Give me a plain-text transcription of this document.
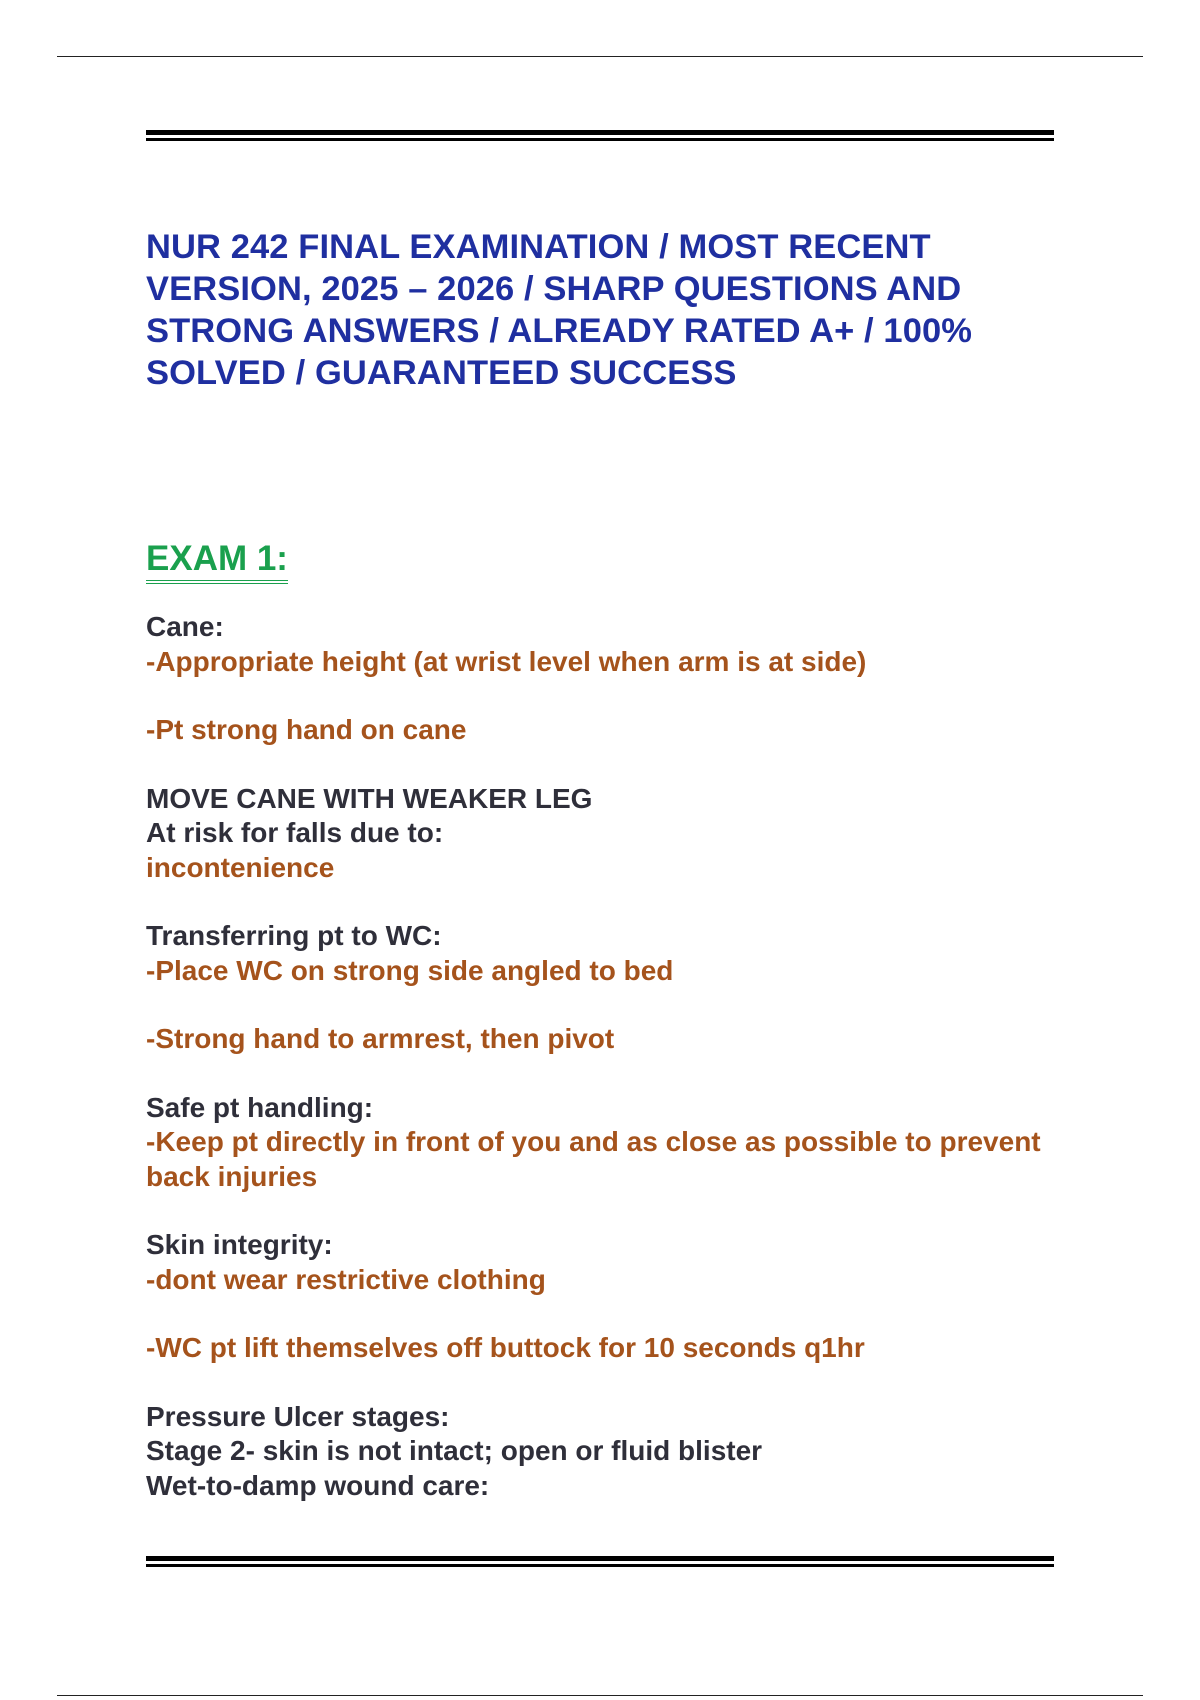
NUR 242 FINAL EXAMINATION / MOST RECENT VERSION, 2025 – 2026 / SHARP QUESTIONS AND STRONG ANSWERS / ALREADY RATED A+ / 100% SOLVED / GUARANTEED SUCCESS
EXAM 1:

Cane:

-Appropriate height (at wrist level when arm is at side)

-Pt strong hand on cane

MOVE CANE WITH WEAKER LEG

At risk for falls due to:

incontenience

Transferring pt to WC:

-Place WC on strong side angled to bed

-Strong hand to armrest, then pivot

Safe pt handling:

-Keep pt directly in front of you and as close as possible to prevent back injuries

Skin integrity:

-dont wear restrictive clothing

-WC pt lift themselves off buttock for 10 seconds q1hr

Pressure Ulcer stages:

Stage 2- skin is not intact; open or fluid blister

Wet-to-damp wound care:
